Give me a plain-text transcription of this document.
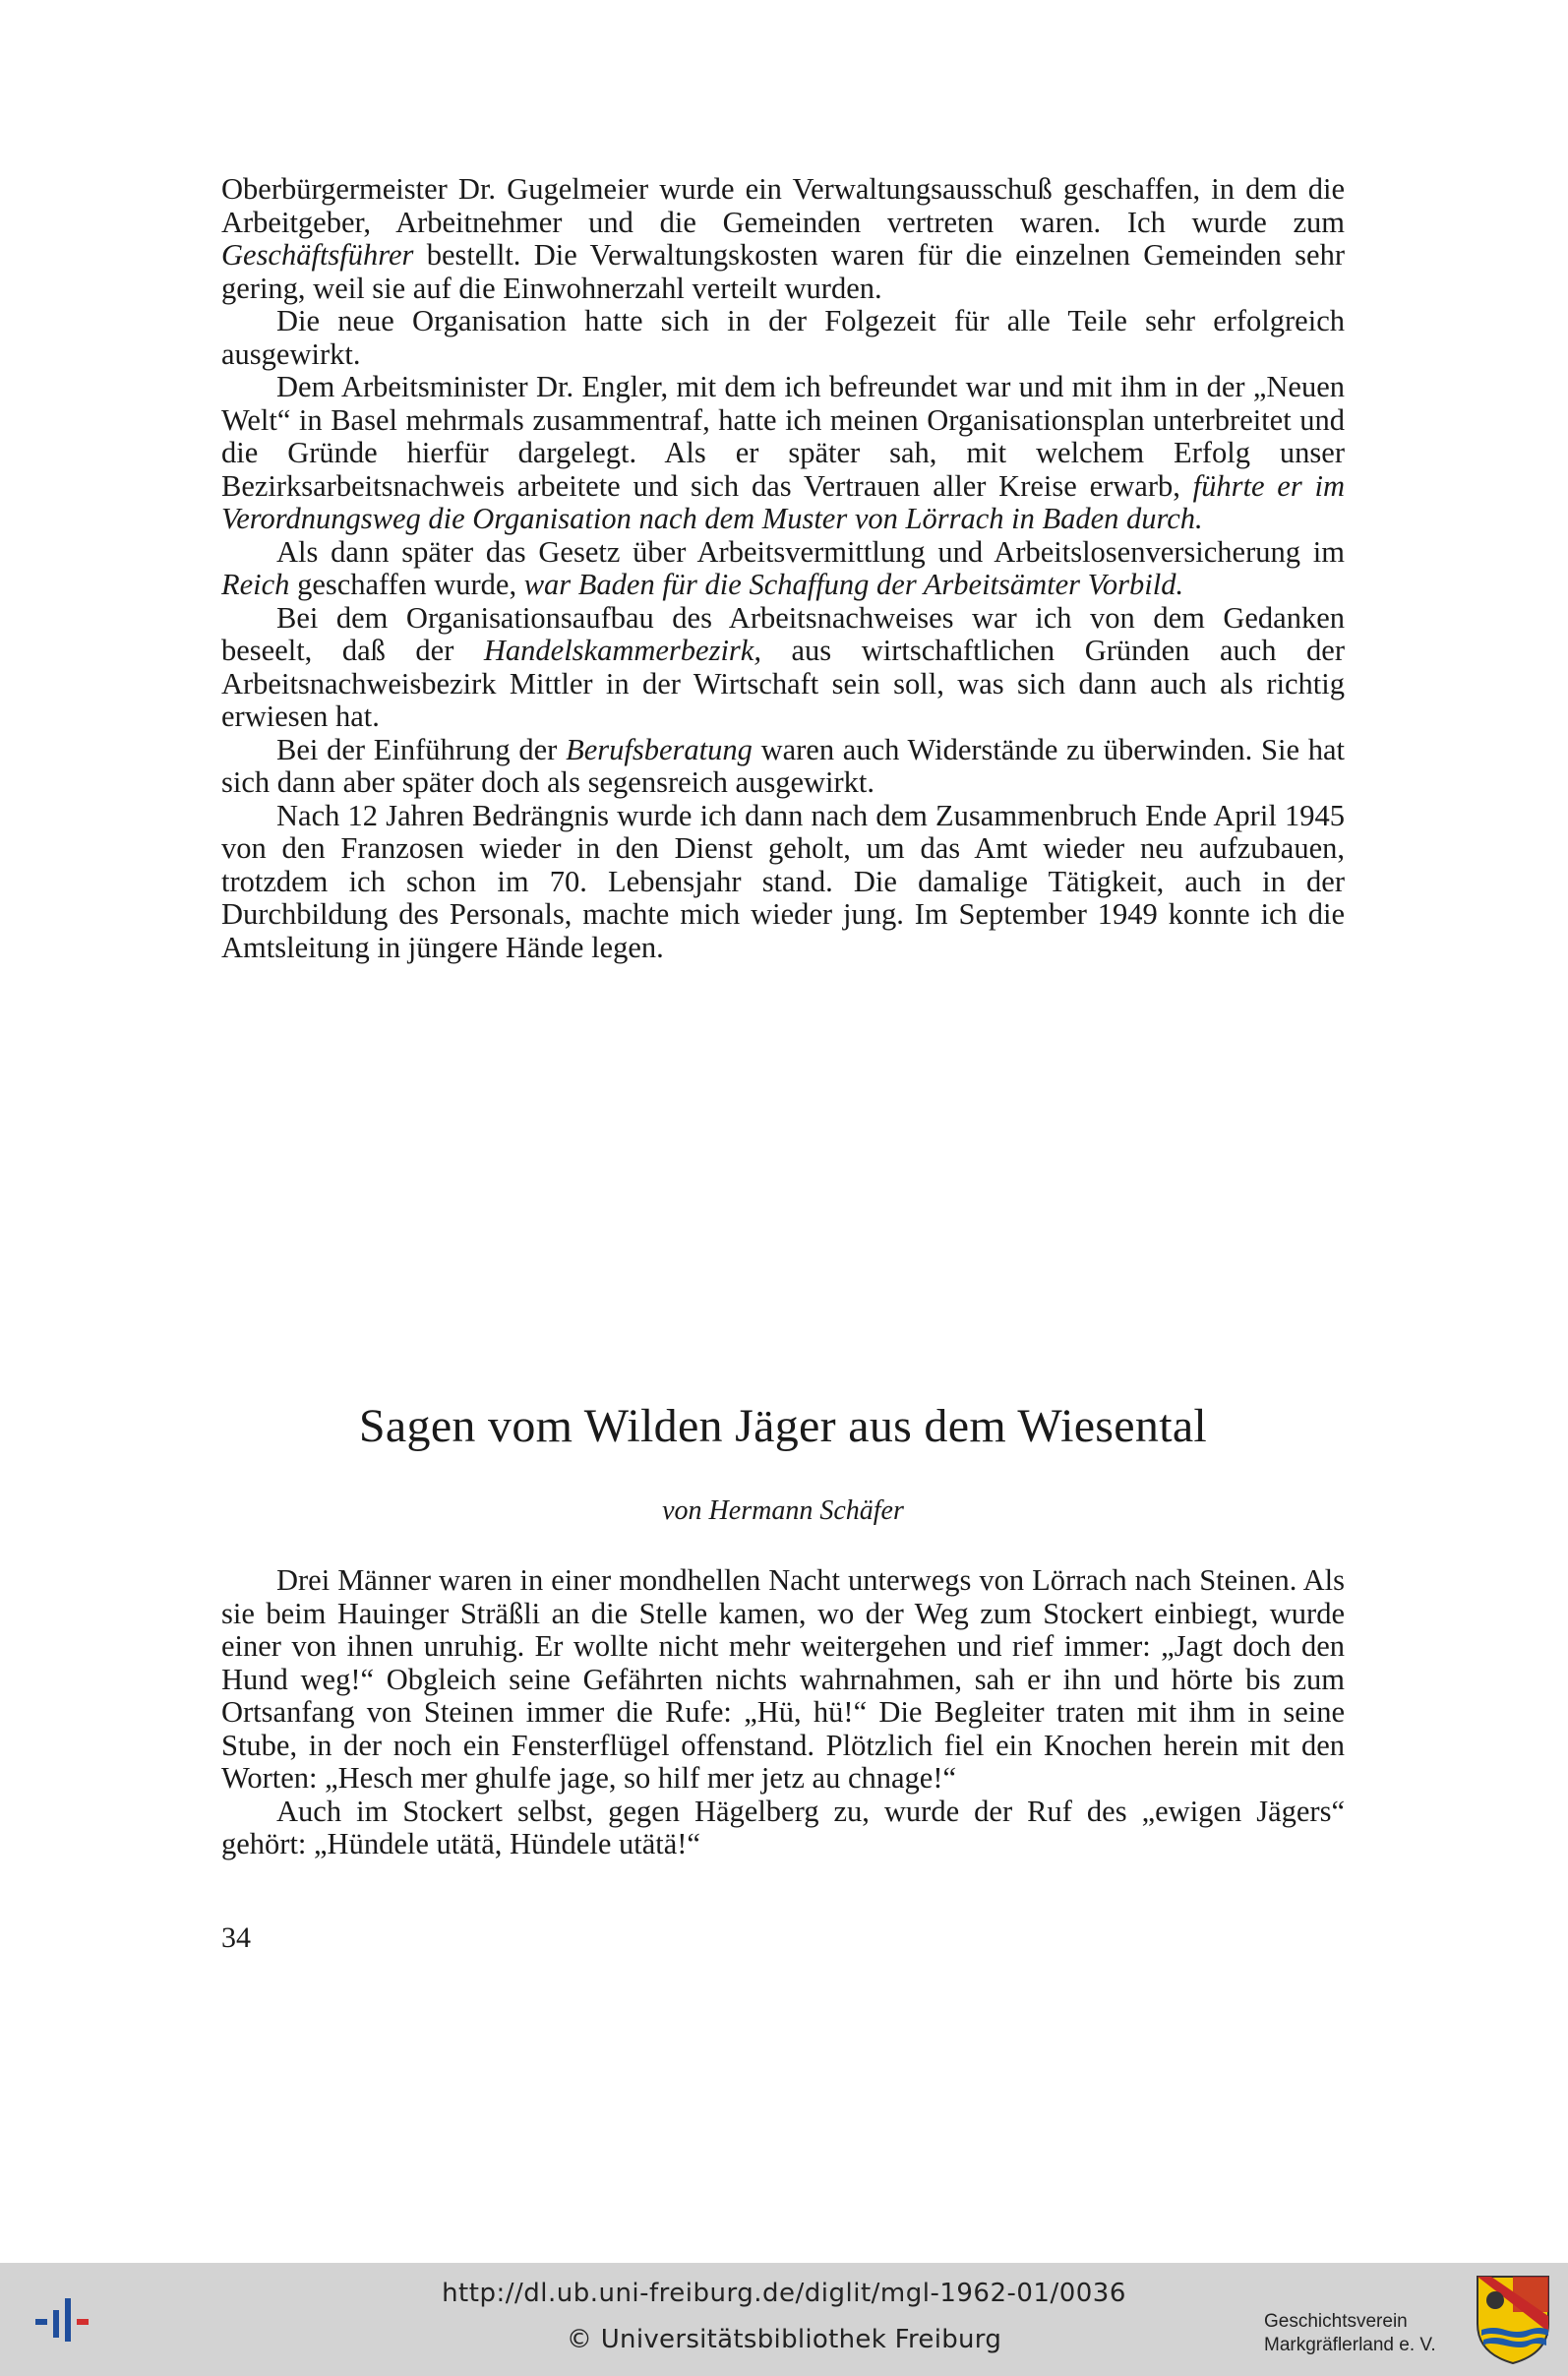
Oberbürgermeister Dr. Gugelmeier wurde ein Verwaltungsausschuß geschaffen, in dem die Arbeitgeber, Arbeitnehmer und die Gemeinden vertreten waren. Ich wurde zum Geschäftsführer bestellt. Die Verwaltungskosten waren für die einzelnen Gemeinden sehr gering, weil sie auf die Einwohnerzahl verteilt wurden.

Die neue Organisation hatte sich in der Folgezeit für alle Teile sehr erfolgreich ausgewirkt.

Dem Arbeitsminister Dr. Engler, mit dem ich befreundet war und mit ihm in der „Neuen Welt“ in Basel mehrmals zusammentraf, hatte ich meinen Organisationsplan unterbreitet und die Gründe hierfür dargelegt. Als er später sah, mit welchem Erfolg unser Bezirksarbeitsnachweis arbeitete und sich das Vertrauen aller Kreise erwarb, führte er im Verordnungsweg die Organisation nach dem Muster von Lörrach in Baden durch.

Als dann später das Gesetz über Arbeitsvermittlung und Arbeitslosenversicherung im Reich geschaffen wurde, war Baden für die Schaffung der Arbeitsämter Vorbild.

Bei dem Organisationsaufbau des Arbeitsnachweises war ich von dem Gedanken beseelt, daß der Handelskammerbezirk, aus wirtschaftlichen Gründen auch der Arbeitsnachweisbezirk Mittler in der Wirtschaft sein soll, was sich dann auch als richtig erwiesen hat.

Bei der Einführung der Berufsberatung waren auch Widerstände zu überwinden. Sie hat sich dann aber später doch als segensreich ausgewirkt.

Nach 12 Jahren Bedrängnis wurde ich dann nach dem Zusammenbruch Ende April 1945 von den Franzosen wieder in den Dienst geholt, um das Amt wieder neu aufzubauen, trotzdem ich schon im 70. Lebensjahr stand. Die damalige Tätigkeit, auch in der Durchbildung des Personals, machte mich wieder jung. Im September 1949 konnte ich die Amtsleitung in jüngere Hände legen.

Sagen vom Wilden Jäger aus dem Wiesental

von Hermann Schäfer

Drei Männer waren in einer mondhellen Nacht unterwegs von Lörrach nach Steinen. Als sie beim Hauinger Sträßli an die Stelle kamen, wo der Weg zum Stockert einbiegt, wurde einer von ihnen unruhig. Er wollte nicht mehr weitergehen und rief immer: „Jagt doch den Hund weg!“ Obgleich seine Gefährten nichts wahrnahmen, sah er ihn und hörte bis zum Ortsanfang von Steinen immer die Rufe: „Hü, hü!“ Die Begleiter traten mit ihm in seine Stube, in der noch ein Fensterflügel offenstand. Plötzlich fiel ein Knochen herein mit den Worten: „Hesch mer ghulfe jage, so hilf mer jetz au chnage!“

Auch im Stockert selbst, gegen Hägelberg zu, wurde der Ruf des „ewigen Jägers“ gehört: „Hündele utätä, Hündele utätä!“

34

http://dl.ub.uni-freiburg.de/diglit/mgl-1962-01/0036
© Universitätsbibliothek Freiburg
Geschichtsverein
Markgräflerland e. V.
